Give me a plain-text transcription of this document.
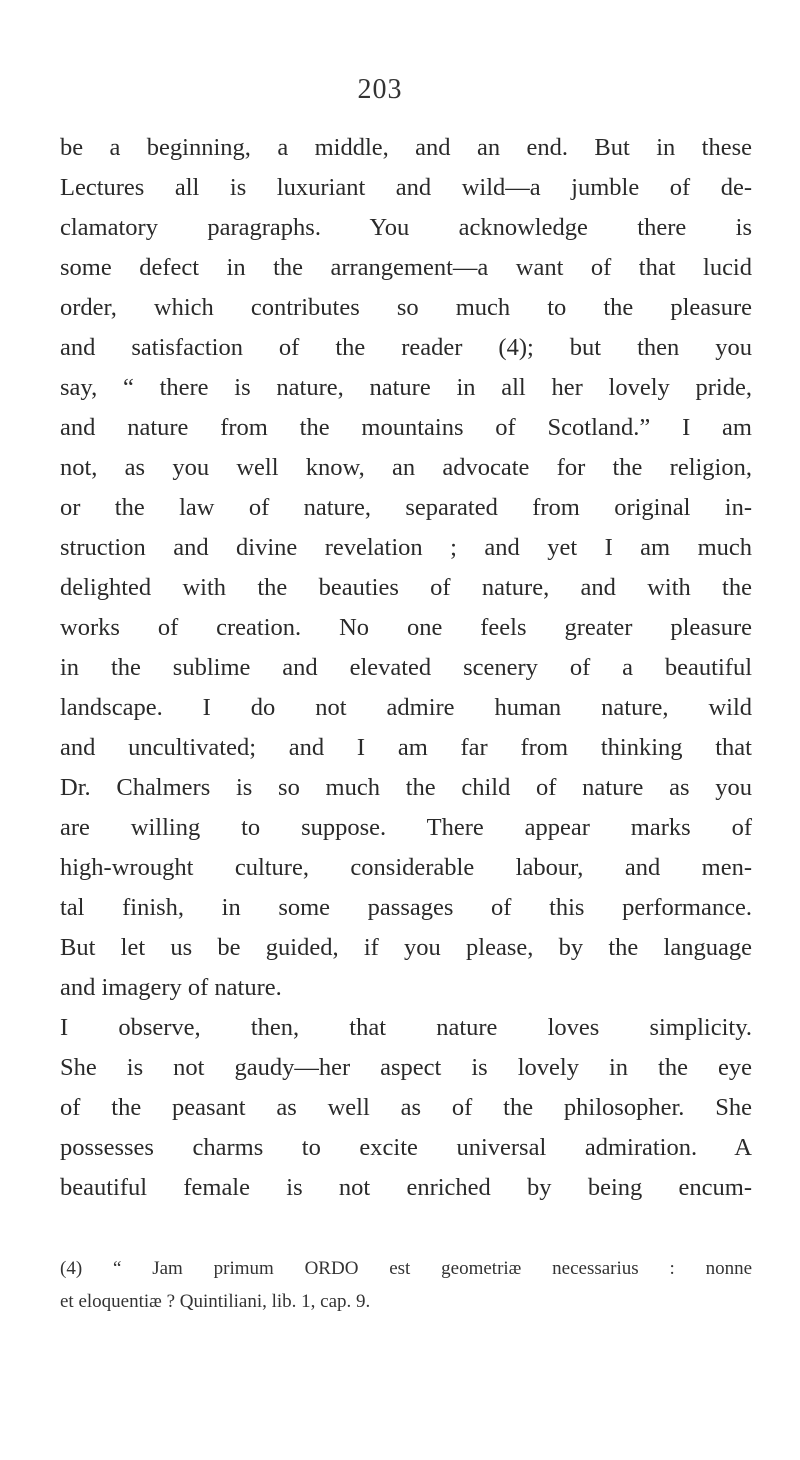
203
be a beginning, a middle, and an end. But in these
Lectures all is luxuriant and wild—a jumble of de-
clamatory paragraphs. You acknowledge there is
some defect in the arrangement—a want of that lucid
order, which contributes so much to the pleasure
and satisfaction of the reader (4); but then you
say, “ there is nature, nature in all her lovely pride,
and nature from the mountains of Scotland.” I am
not, as you well know, an advocate for the religion,
or the law of nature, separated from original in-
struction and divine revelation ; and yet I am much
delighted with the beauties of nature, and with the
works of creation. No one feels greater pleasure
in the sublime and elevated scenery of a beautiful
landscape. I do not admire human nature, wild
and uncultivated; and I am far from thinking that
Dr. Chalmers is so much the child of nature as you
are willing to suppose. There appear marks of
high-wrought culture, considerable labour, and men-
tal finish, in some passages of this performance.
But let us be guided, if you please, by the language
and imagery of nature.
I observe, then, that nature loves simplicity.
She is not gaudy—her aspect is lovely in the eye
of the peasant as well as of the philosopher. She
possesses charms to excite universal admiration. A
beautiful female is not enriched by being encum-
(4) “ Jam primum ORDO est geometriæ necessarius : nonne
et eloquentiæ ? Quintiliani, lib. 1, cap. 9.
